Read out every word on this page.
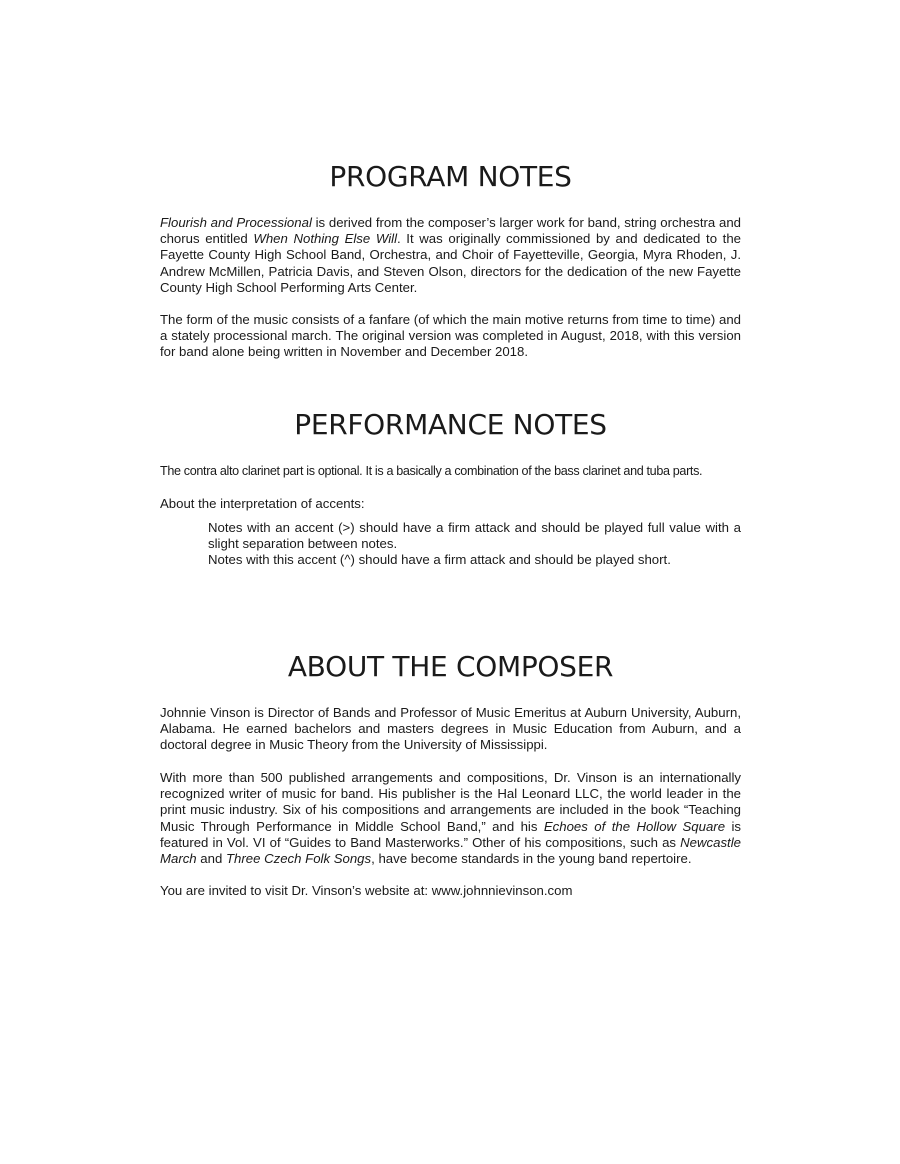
PROGRAM NOTES

Flourish and Processional is derived from the composer’s larger work for band, string orchestra and chorus entitled When Nothing Else Will. It was originally commissioned by and dedicated to the Fayette County High School Band, Orchestra, and Choir of Fayetteville, Georgia, Myra Rhoden, J. Andrew McMillen, Patricia Davis, and Steven Olson, directors for the dedication of the new Fayette County High School Performing Arts Center.

The form of the music consists of a fanfare (of which the main motive returns from time to time) and a stately processional march. The original version was completed in August, 2018, with this version for band alone being written in November and December 2018.

PERFORMANCE NOTES

The contra alto clarinet part is optional. It is a basically a combination of the bass clarinet and tuba parts.

About the interpretation of accents:

Notes with an accent (>) should have a firm attack and should be played full value with a slight separation between notes.

Notes with this accent (^) should have a firm attack and should be played short.

ABOUT THE COMPOSER

Johnnie Vinson is Director of Bands and Professor of Music Emeritus at Auburn University, Auburn, Alabama. He earned bachelors and masters degrees in Music Education from Auburn, and a doctoral degree in Music Theory from the University of Mississippi.

With more than 500 published arrangements and compositions, Dr. Vinson is an internationally recognized writer of music for band. His publisher is the Hal Leonard LLC, the world leader in the print music industry. Six of his compositions and arrangements are included in the book “Teaching Music Through Performance in Middle School Band,” and his Echoes of the Hollow Square is featured in Vol. VI of “Guides to Band Masterworks.” Other of his compositions, such as Newcastle March and Three Czech Folk Songs, have become standards in the young band repertoire.

You are invited to visit Dr. Vinson’s website at: www.johnnievinson.com
